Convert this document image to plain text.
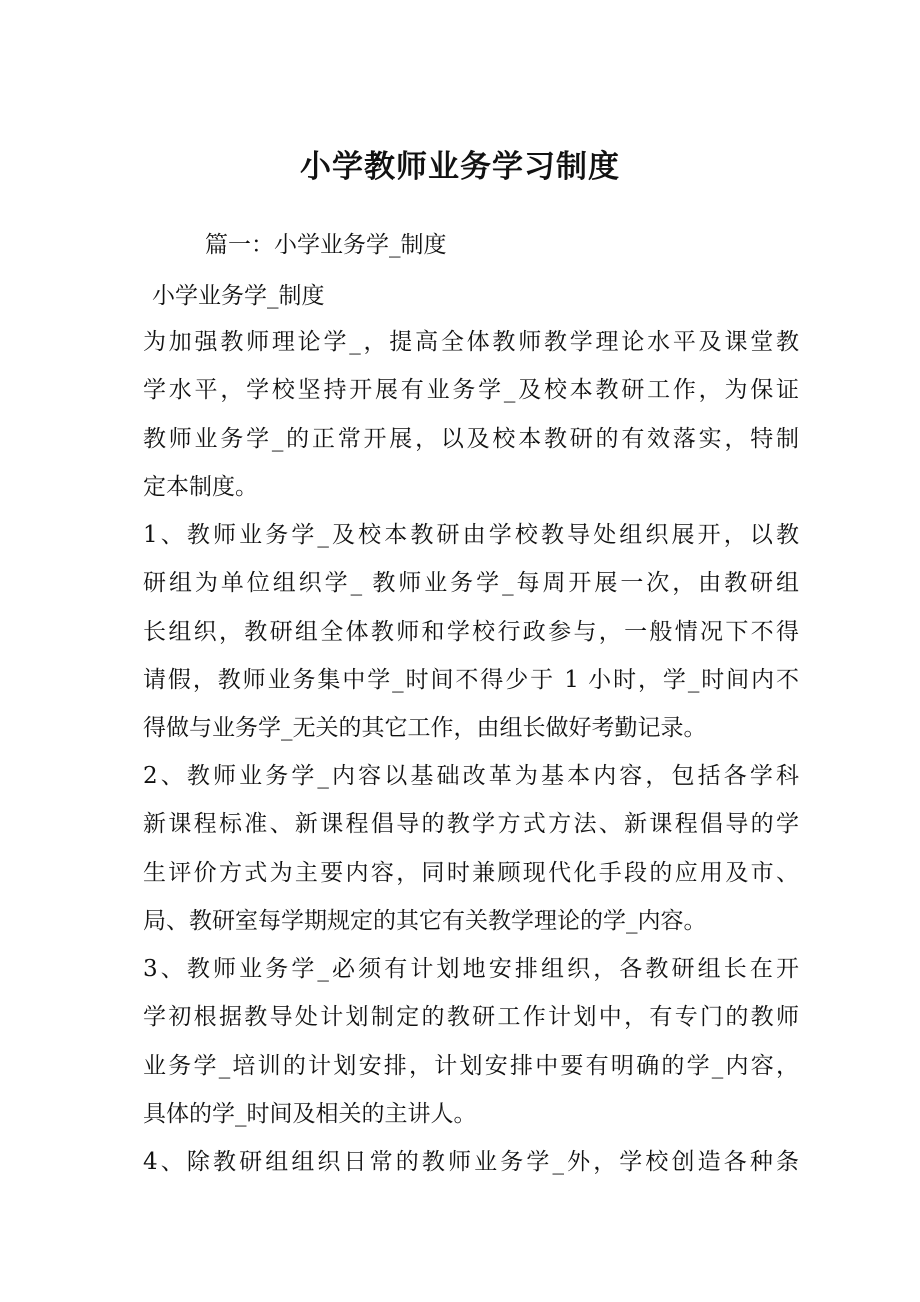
小学教师业务学习制度
篇一：小学业务学_制度
小学业务学_制度
为加强教师理论学_，提高全体教师教学理论水平及课堂教
学水平，学校坚持开展有业务学_及校本教研工作，为保证
教师业务学_的正常开展，以及校本教研的有效落实，特制
定本制度。
1、教师业务学_及校本教研由学校教导处组织展开，以教
研组为单位组织学_ 教师业务学_每周开展一次，由教研组
长组织，教研组全体教师和学校行政参与，一般情况下不得
请假，教师业务集中学_时间不得少于 1 小时，学_时间内不
得做与业务学_无关的其它工作，由组长做好考勤记录。
2、教师业务学_内容以基础改革为基本内容，包括各学科
新课程标准、新课程倡导的教学方式方法、新课程倡导的学
生评价方式为主要内容，同时兼顾现代化手段的应用及市、
局、教研室每学期规定的其它有关教学理论的学_内容。
3、教师业务学_必须有计划地安排组织，各教研组长在开
学初根据教导处计划制定的教研工作计划中，有专门的教师
业务学_培训的计划安排，计划安排中要有明确的学_内容，
具体的学_时间及相关的主讲人。
4、除教研组组织日常的教师业务学_外，学校创造各种条
